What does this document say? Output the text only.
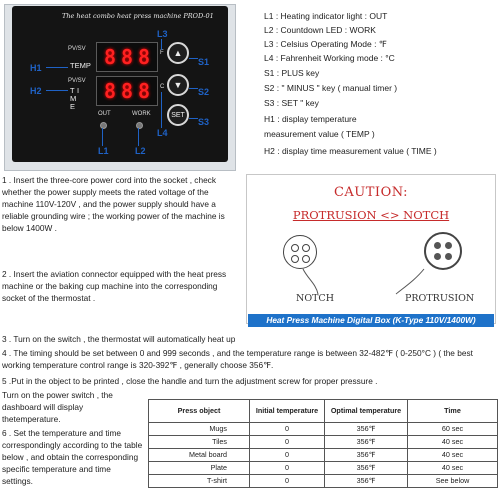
The heat combo heat press machine PROD-01
PV/SV
TEMP
PV/SV
T I
M
E
8 8 8
8 8 8
F
C
▲
▼
SET
OUT	WORK
H1
H2
L3
S1
S2
S3
L4
L1	L2
L1 : Heating indicator light : OUT
L2 : Countdown LED : WORK
L3 : Celsius Operating Mode : ℉
L4 : Fahrenheit Working mode : °C
S1 : PLUS key
S2 : " MINUS " key ( manual timer )
S3 : SET " key
H1 : display temperature
measurement value ( TEMP )
H2 : display time measurement value ( TIME )
1 . Insert the three-core power cord into the socket , check whether the power supply meets the rated voltage of the machine 110V-120V , and the power supply should have a reliable grounding wire ; the working power of the machine is below 1400W .
2 . Insert the aviation connector equipped with the heat press machine or the baking cup machine into the corresponding socket of the thermostat .
3 . Turn on the switch , the thermostat will automatically heat up
4 . The timing should be set between 0 and 999 seconds , and the temperature range is between 32-482℉ ( 0-250°C ) ( the best working temperature control range is 320-392℉ , generally choose 356℉.
5 .Put in the object to be printed , close the handle and turn the adjustment screw for proper pressure .
Turn on the power switch , the dashboard will display thetemperature.
6 . Set the temperature and time correspondingly according to the table below , and obtain the corresponding specific temperature and time settings.
CAUTION:
PROTRUSION <> NOTCH
NOTCH	PROTRUSION
Heat Press Machine Digital Box (K-Type 110V/1400W)
Press object	Initial temperature	Optimal temperature	Time
Mugs	0	356℉	60 sec
Tiles	0	356℉	40 sec
Metal board	0	356℉	40 sec
Plate	0	356℉	40 sec
T-shirt	0	356℉	See below
